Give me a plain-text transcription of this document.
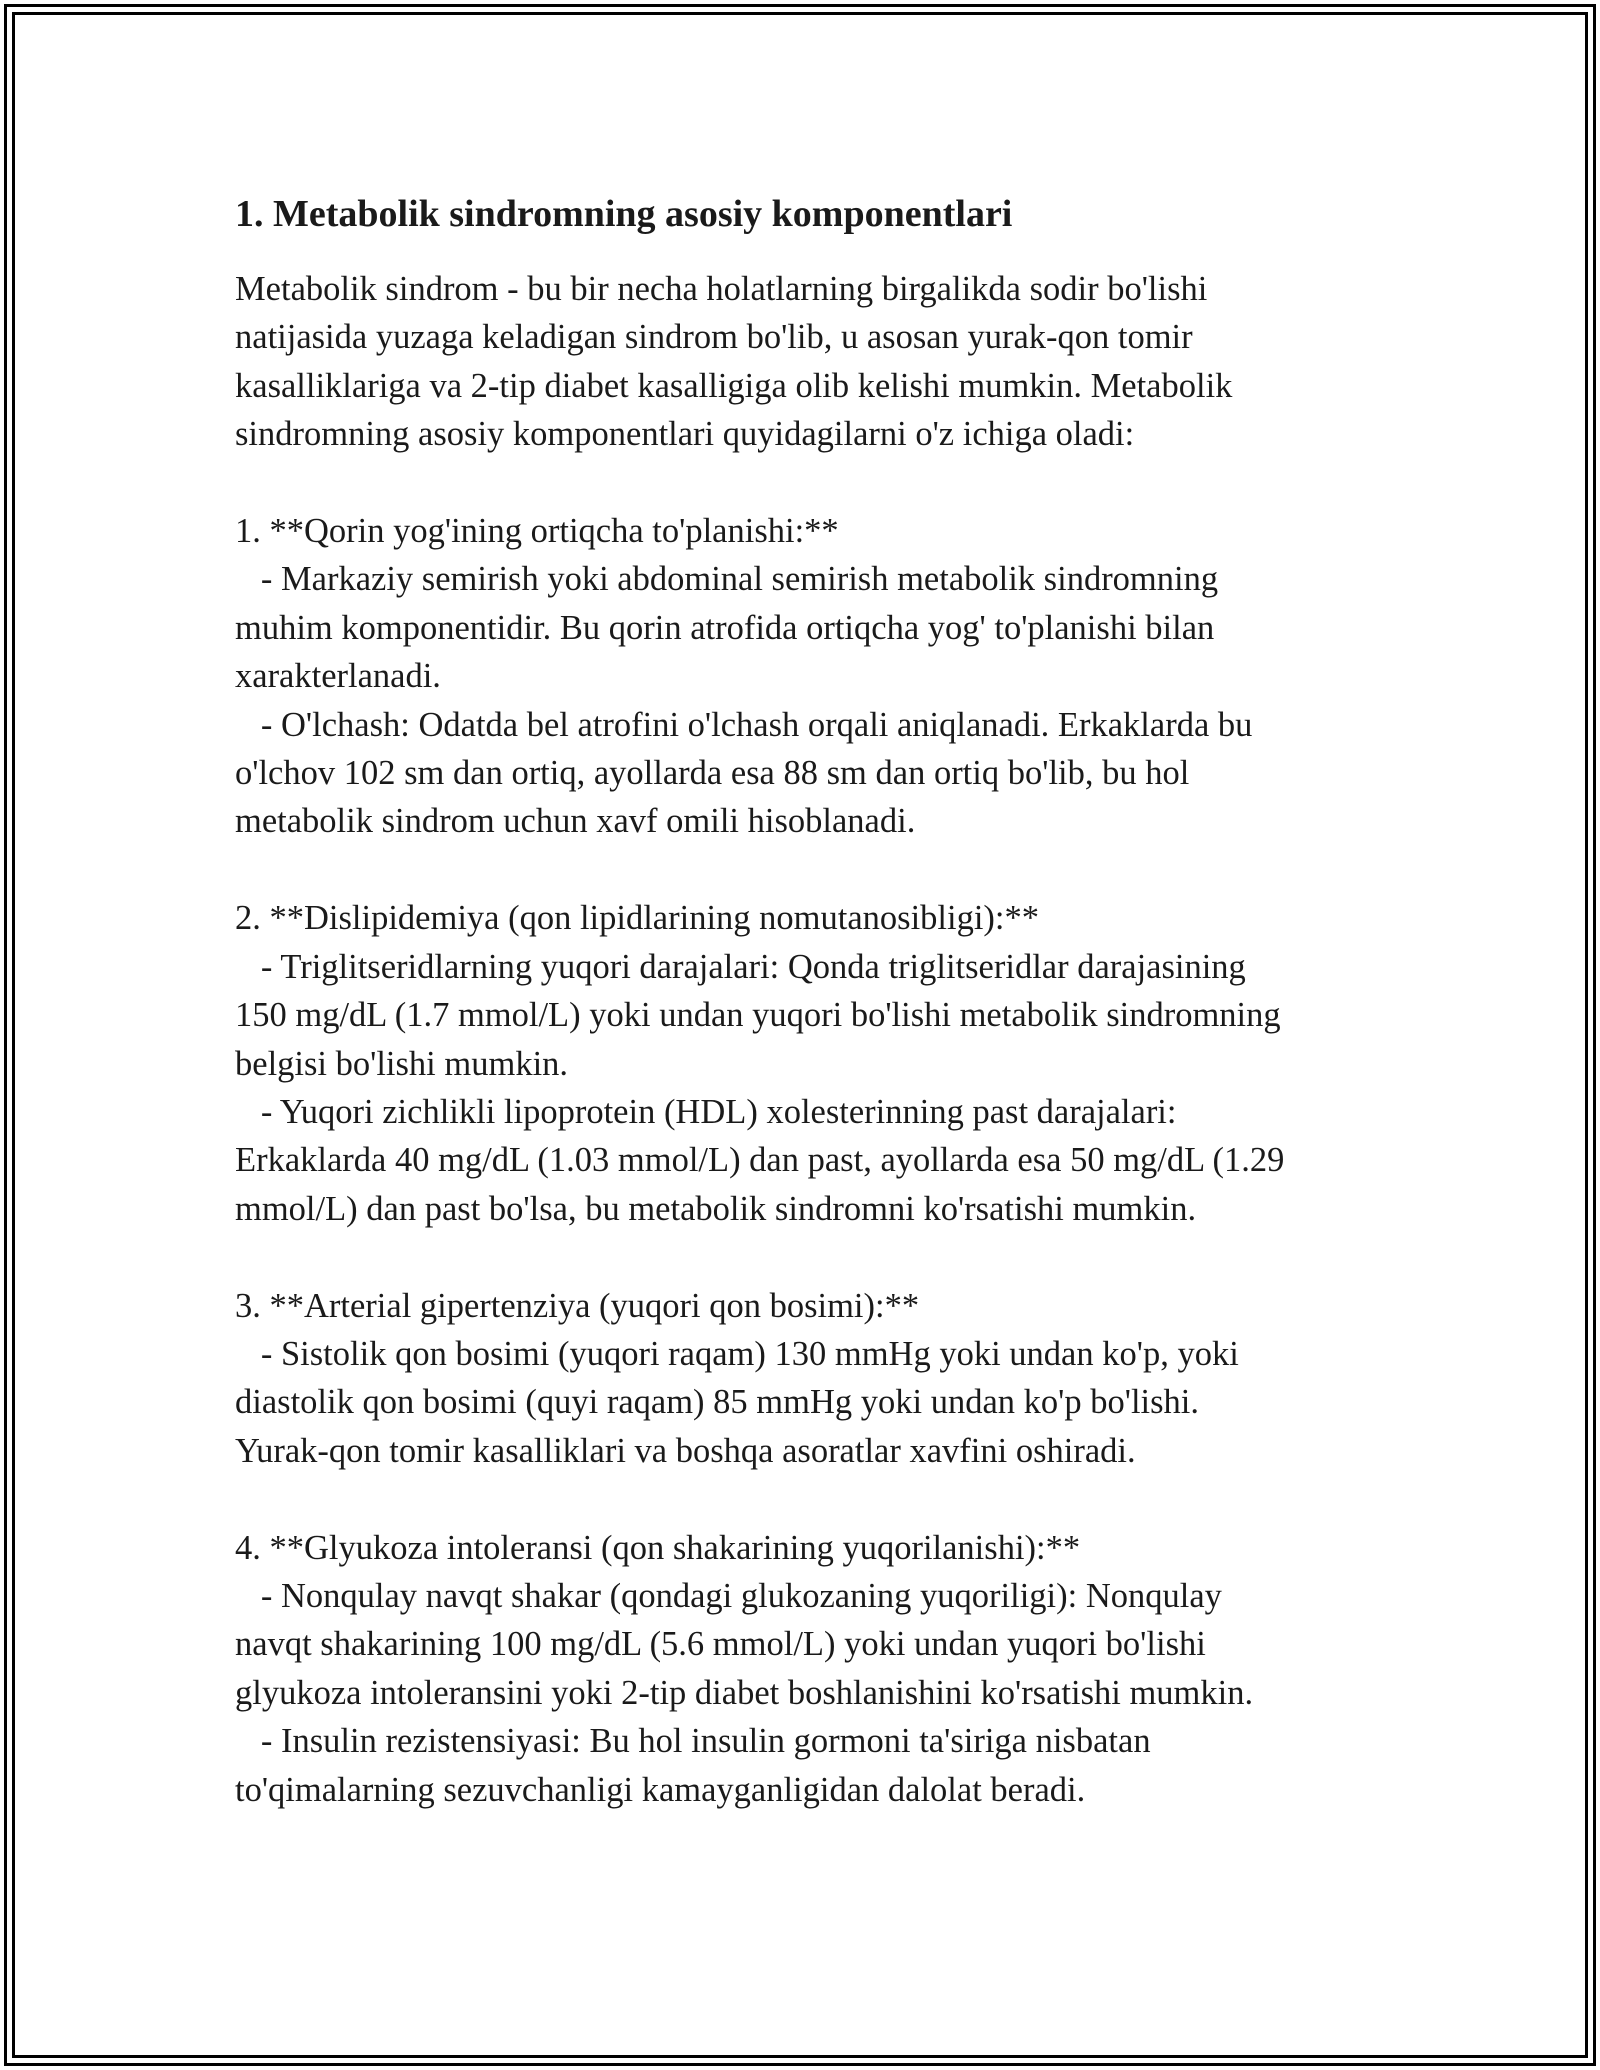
1. Metabolik sindromning asosiy komponentlari

Metabolik sindrom - bu bir necha holatlarning birgalikda sodir bo'lishi
natijasida yuzaga keladigan sindrom bo'lib, u asosan yurak-qon tomir
kasalliklariga va 2-tip diabet kasalligiga olib kelishi mumkin. Metabolik
sindromning asosiy komponentlari quyidagilarni o'z ichiga oladi:

1. **Qorin yog'ining ortiqcha to'planishi:**
- Markaziy semirish yoki abdominal semirish metabolik sindromning
muhim komponentidir. Bu qorin atrofida ortiqcha yog' to'planishi bilan
xarakterlanadi.
- O'lchash: Odatda bel atrofini o'lchash orqali aniqlanadi. Erkaklarda bu
o'lchov 102 sm dan ortiq, ayollarda esa 88 sm dan ortiq bo'lib, bu hol
metabolik sindrom uchun xavf omili hisoblanadi.

2. **Dislipidemiya (qon lipidlarining nomutanosibligi):**
- Triglitseridlarning yuqori darajalari: Qonda triglitseridlar darajasining
150 mg/dL (1.7 mmol/L) yoki undan yuqori bo'lishi metabolik sindromning
belgisi bo'lishi mumkin.
- Yuqori zichlikli lipoprotein (HDL) xolesterinning past darajalari:
Erkaklarda 40 mg/dL (1.03 mmol/L) dan past, ayollarda esa 50 mg/dL (1.29
mmol/L) dan past bo'lsa, bu metabolik sindromni ko'rsatishi mumkin.

3. **Arterial gipertenziya (yuqori qon bosimi):**
- Sistolik qon bosimi (yuqori raqam) 130 mmHg yoki undan ko'p, yoki
diastolik qon bosimi (quyi raqam) 85 mmHg yoki undan ko'p bo'lishi.
Yurak-qon tomir kasalliklari va boshqa asoratlar xavfini oshiradi.

4. **Glyukoza intoleransi (qon shakarining yuqorilanishi):**
- Nonqulay navqt shakar (qondagi glukozaning yuqoriligi): Nonqulay
navqt shakarining 100 mg/dL (5.6 mmol/L) yoki undan yuqori bo'lishi
glyukoza intoleransini yoki 2-tip diabet boshlanishini ko'rsatishi mumkin.
- Insulin rezistensiyasi: Bu hol insulin gormoni ta'siriga nisbatan
to'qimalarning sezuvchanligi kamayganligidan dalolat beradi.
